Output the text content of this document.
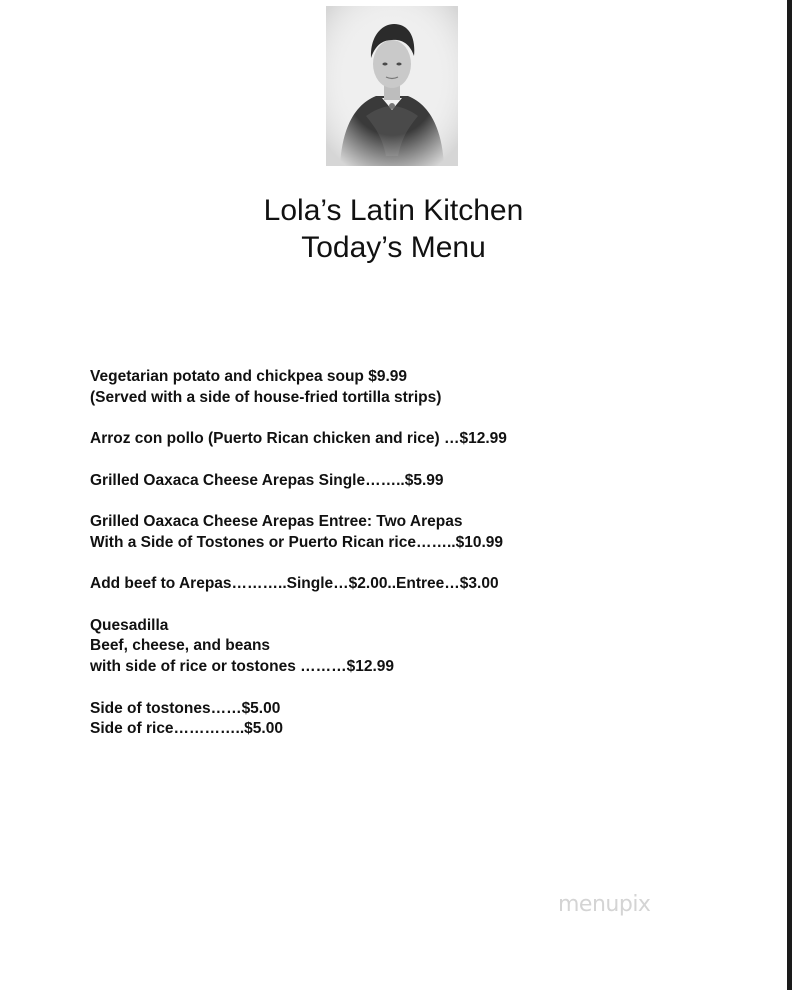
Lola’s Latin Kitchen
Today’s Menu
Vegetarian potato and chickpea soup $9.99
(Served with a side of house-fried tortilla strips)
Arroz con pollo (Puerto Rican chicken and rice) …$12.99
Grilled Oaxaca Cheese Arepas Single……..$5.99
Grilled Oaxaca Cheese Arepas Entree: Two Arepas
With a Side of Tostones or Puerto Rican rice……..$10.99
Add beef to Arepas………..Single…$2.00..Entree…$3.00
Quesadilla
Beef, cheese, and beans
with side of rice or tostones ………$12.99
Side of tostones……$5.00
Side of rice…………..$5.00
menupix
